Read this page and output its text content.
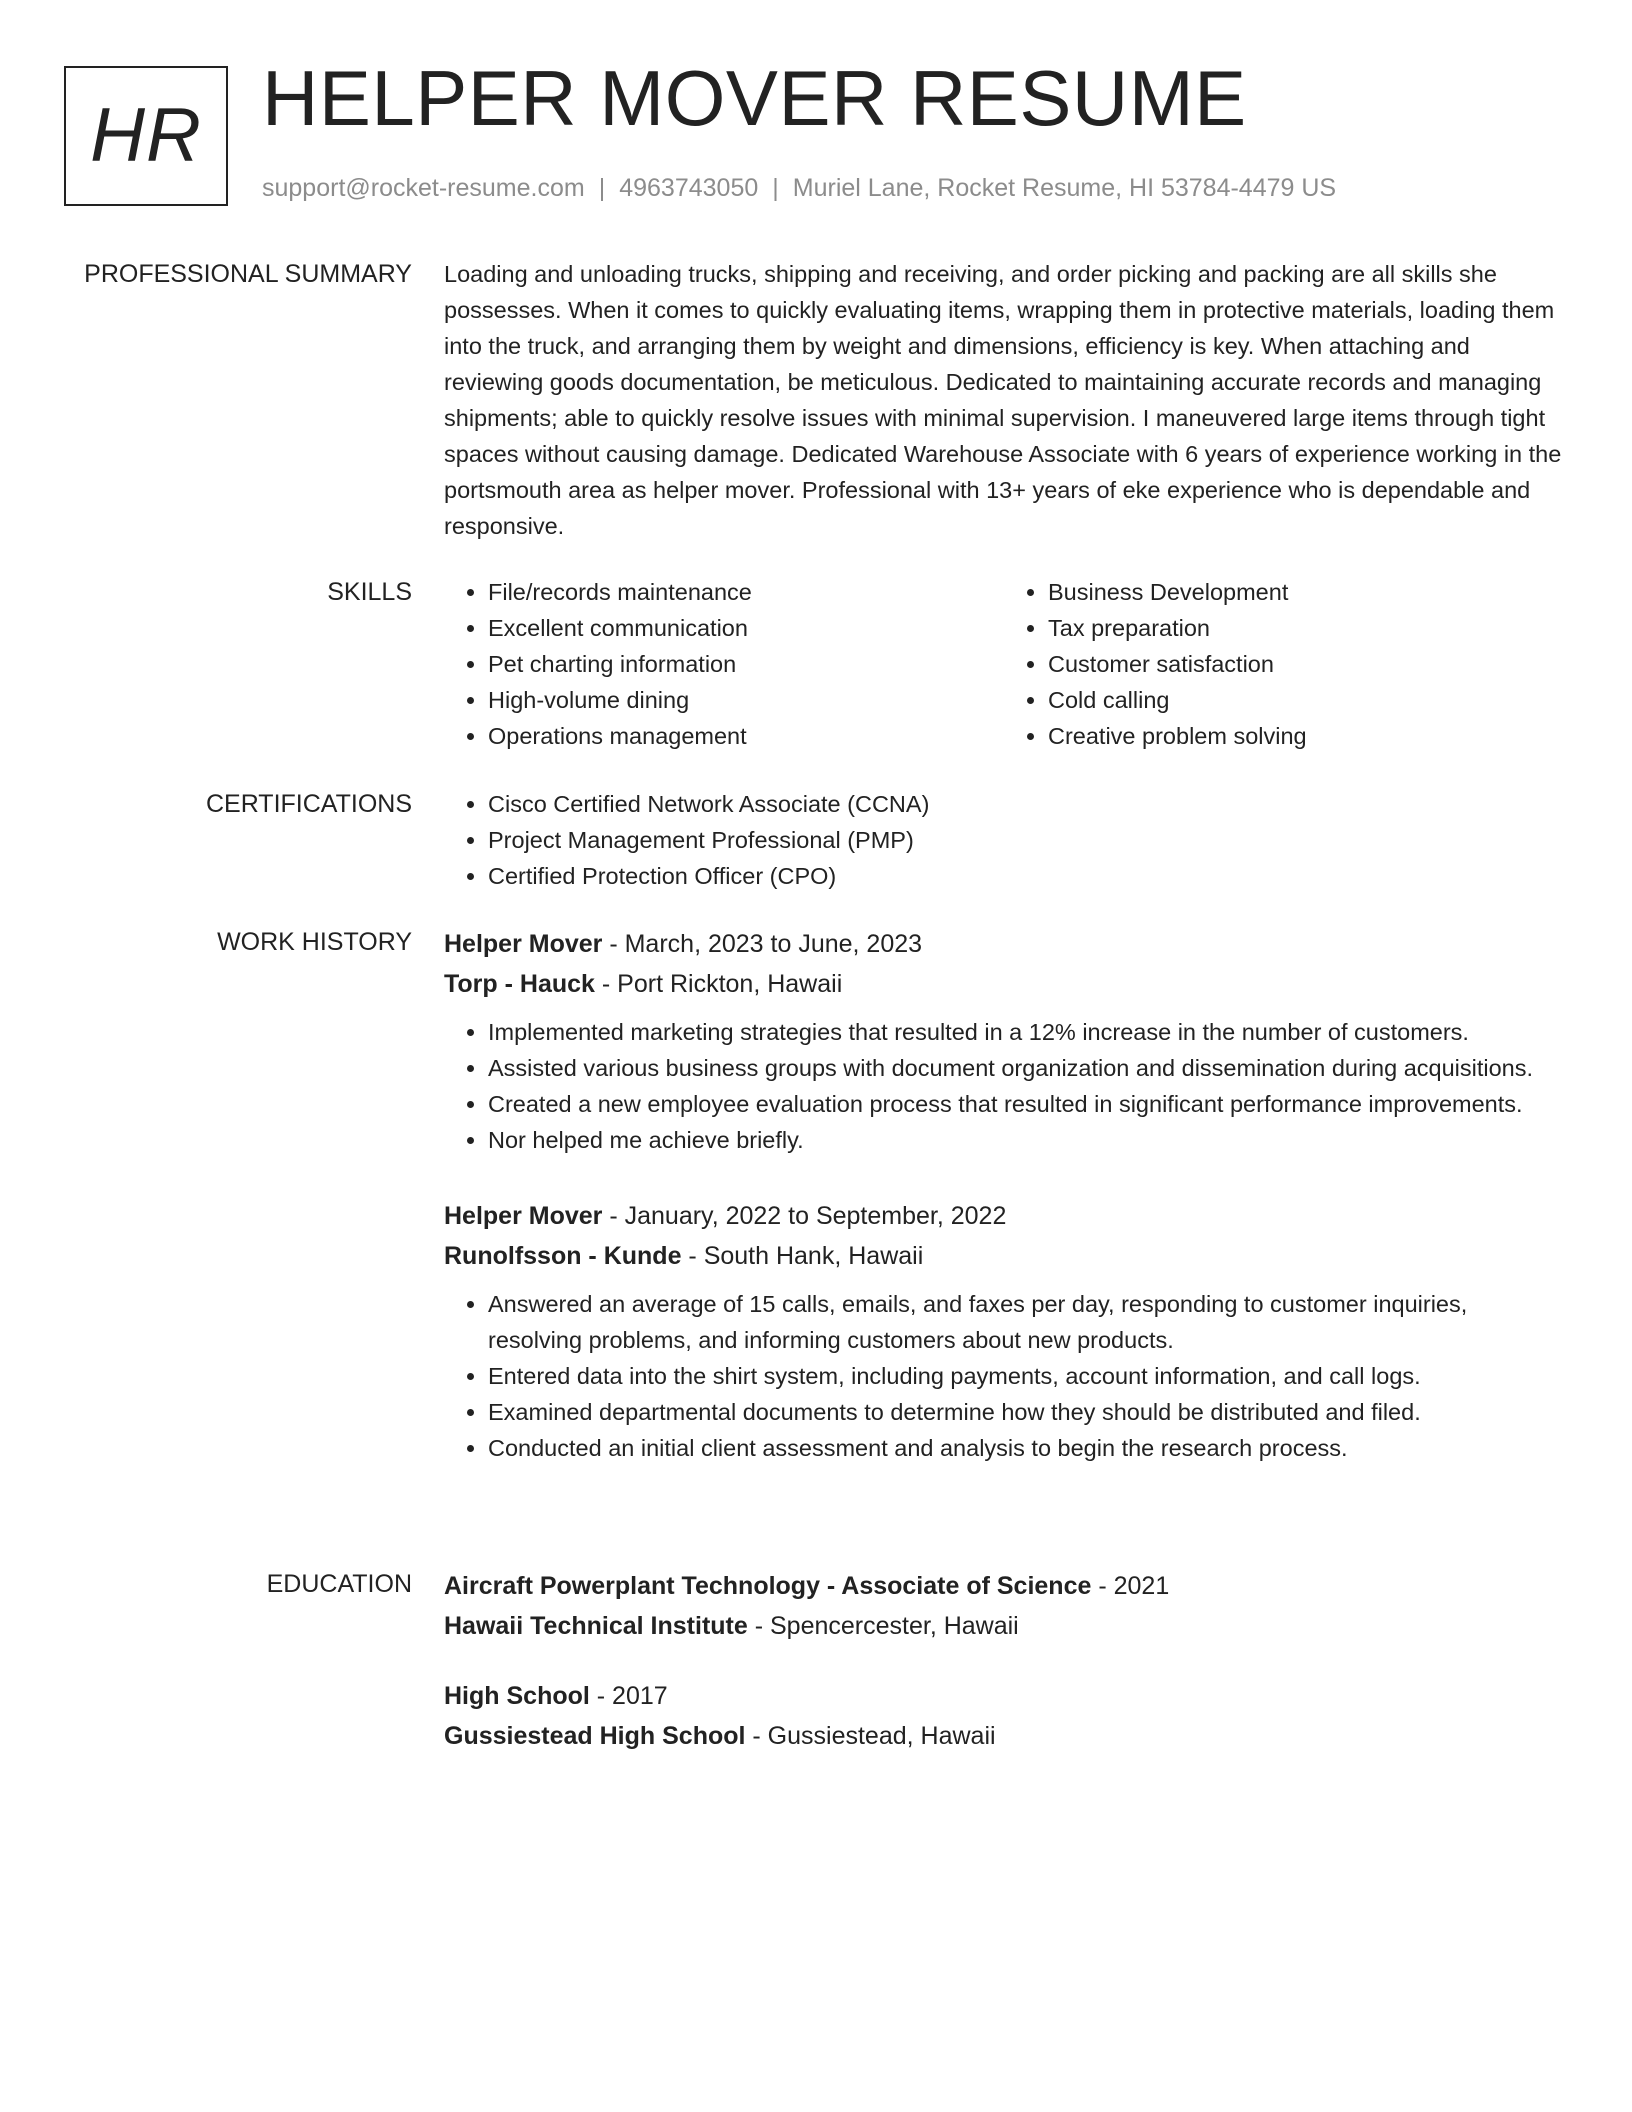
HR HELPER MOVER RESUME
support@rocket-resume.com | 4963743050 | Muriel Lane, Rocket Resume, HI 53784-4479 US
PROFESSIONAL SUMMARY Loading and unloading trucks, shipping and receiving, and order picking and packing are all skills she possesses. When it comes to quickly evaluating items, wrapping them in protective materials, loading them into the truck, and arranging them by weight and dimensions, efficiency is key. When attaching and reviewing goods documentation, be meticulous. Dedicated to maintaining accurate records and managing shipments; able to quickly resolve issues with minimal supervision. I maneuvered large items through tight spaces without causing damage. Dedicated Warehouse Associate with 6 years of experience working in the portsmouth area as helper mover. Professional with 13+ years of eke experience who is dependable and responsive.

SKILLS	• File/records maintenance
• Excellent communication
• Pet charting information
• High-volume dining
• Operations management
• Business Development
• Tax preparation
• Customer satisfaction
• Cold calling
• Creative problem solving
CERTIFICATIONS	• Cisco Certified Network Associate (CCNA)
• Project Management Professional (PMP)
• Certified Protection Officer (CPO)
WORK HISTORY Helper Mover - March, 2023 to June, 2023
Torp - Hauck - Port Rickton, Hawaii
• Implemented marketing strategies that resulted in a 12% increase in the number of customers.
• Assisted various business groups with document organization and dissemination during acquisitions.
• Created a new employee evaluation process that resulted in significant performance improvements.
• Nor helped me achieve briefly.
Helper Mover - January, 2022 to September, 2022
Runolfsson - Kunde - South Hank, Hawaii
• Answered an average of 15 calls, emails, and faxes per day, responding to customer inquiries, resolving problems, and informing customers about new products.
• Entered data into the shirt system, including payments, account information, and call logs.
• Examined departmental documents to determine how they should be distributed and filed.
• Conducted an initial client assessment and analysis to begin the research process.
EDUCATION Aircraft Powerplant Technology - Associate of Science - 2021
Hawaii Technical Institute - Spencercester, Hawaii
High School - 2017
Gussiestead High School - Gussiestead, Hawaii
